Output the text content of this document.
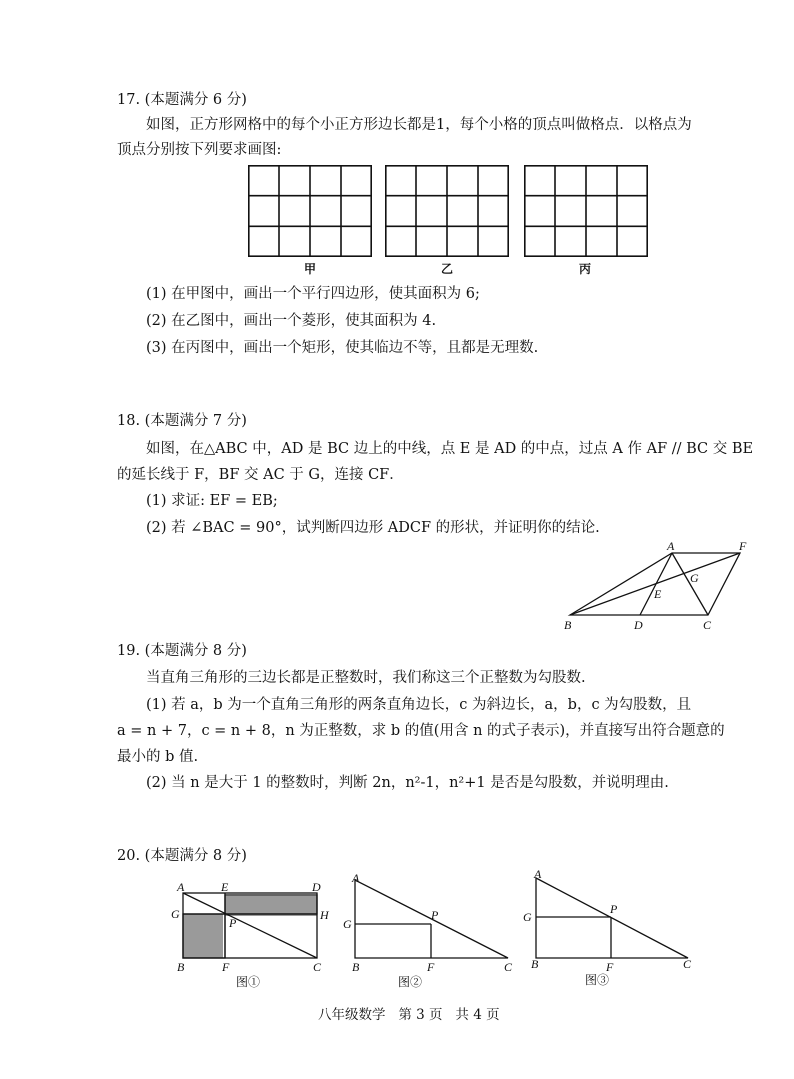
17. (本题满分 6 分)
如图，正方形网格中的每个小正方形边长都是1，每个小格的顶点叫做格点．以格点为
顶点分别按下列要求画图:
甲	乙	丙
(1) 在甲图中，画出一个平行四边形，使其面积为 6;
(2) 在乙图中，画出一个菱形，使其面积为 4.
(3) 在丙图中，画出一个矩形，使其临边不等，且都是无理数.
18. (本题满分 7 分)
如图，在△ABC 中，AD 是 BC 边上的中线，点 E 是 AD 的中点，过点 A 作 AF // BC 交 BE
的延长线于 F，BF 交 AC 于 G，连接 CF．
(1) 求证: EF = EB;
(2) 若 ∠BAC = 90°，试判断四边形 ADCF 的形状，并证明你的结论.
A	F
G
E
B	D	C
19. (本题满分 8 分)
当直角三角形的三边长都是正整数时，我们称这三个正整数为勾股数.
(1) 若 a，b 为一个直角三角形的两条直角边长，c 为斜边长，a，b，c 为勾股数，且
a = n + 7，c = n + 8，n 为正整数，求 b 的值(用含 n 的式子表示)，并直接写出符合题意的
最小的 b 值.
(2) 当 n 是大于 1 的整数时，判断 2n，n²-1，n²+1 是否是勾股数，并说明理由.
20. (本题满分 8 分)
A	E	D
G	H
P
B	F	C
图①
A
G
P
B	F	C
图②
A
G
P
B	F	C
图③
八年级数学   第 3 页   共 4 页
